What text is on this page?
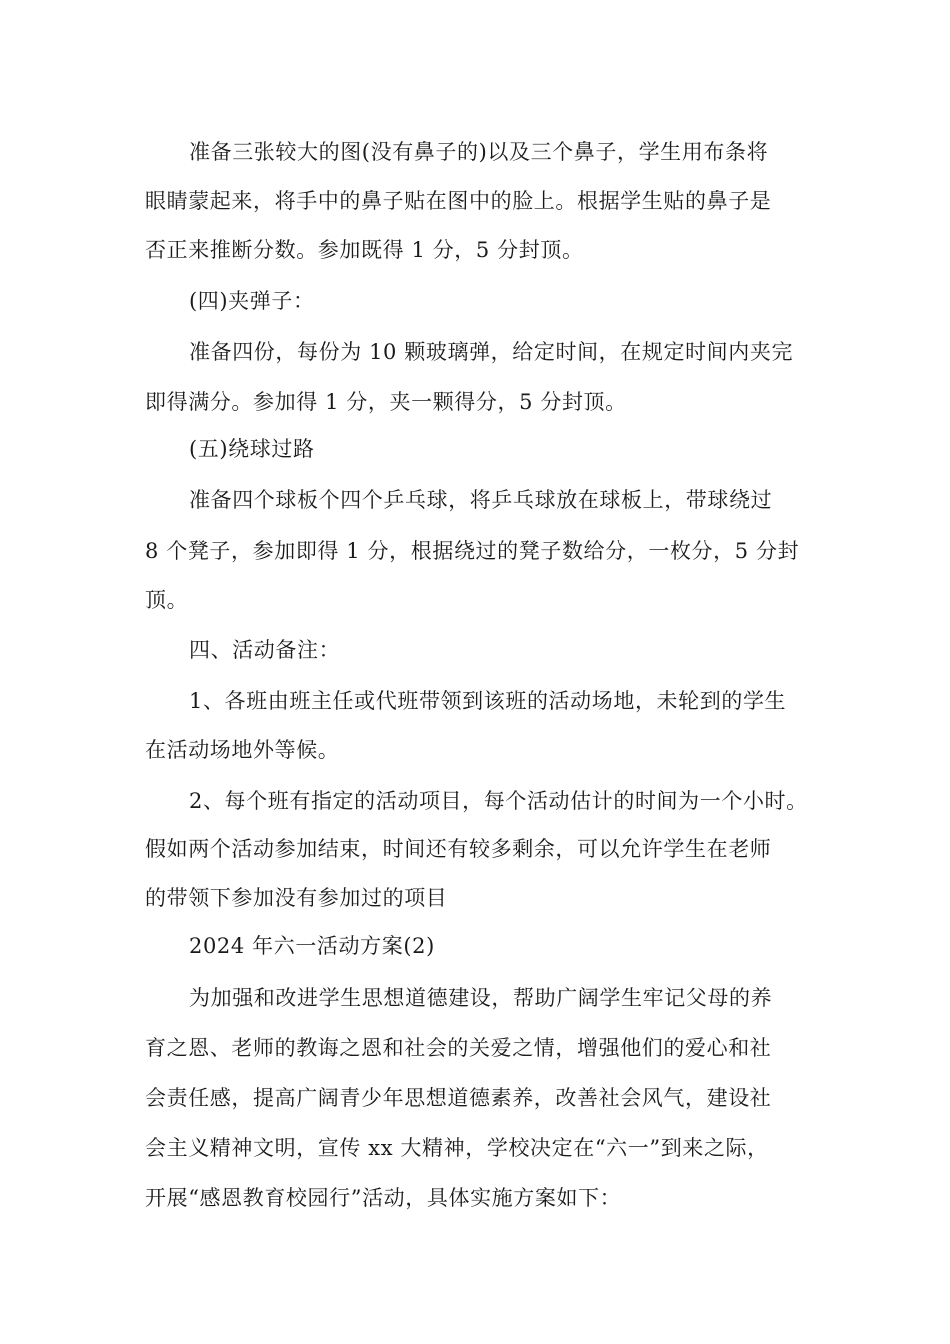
准备三张较大的图(没有鼻子的)以及三个鼻子，学生用布条将
眼睛蒙起来，将手中的鼻子贴在图中的脸上。根据学生贴的鼻子是
否正来推断分数。参加既得 1 分，5 分封顶。
(四)夹弹子：
准备四份，每份为 10 颗玻璃弹，给定时间，在规定时间内夹完
即得满分。参加得 1 分，夹一颗得分，5 分封顶。
(五)绕球过路
准备四个球板个四个乒乓球，将乒乓球放在球板上，带球绕过
8 个凳子，参加即得 1 分，根据绕过的凳子数给分，一枚分，5 分封
顶。
四、活动备注：
1、各班由班主任或代班带领到该班的活动场地，未轮到的学生
在活动场地外等候。
2、每个班有指定的活动项目，每个活动估计的时间为一个小时。
假如两个活动参加结束，时间还有较多剩余，可以允许学生在老师
的带领下参加没有参加过的项目
2024 年六一活动方案(2)
为加强和改进学生思想道德建设，帮助广阔学生牢记父母的养
育之恩、老师的教诲之恩和社会的关爱之情，增强他们的爱心和社
会责任感，提高广阔青少年思想道德素养，改善社会风气，建设社
会主义精神文明，宣传 xx 大精神，学校决定在“六一”到来之际，
开展“感恩教育校园行”活动，具体实施方案如下：
